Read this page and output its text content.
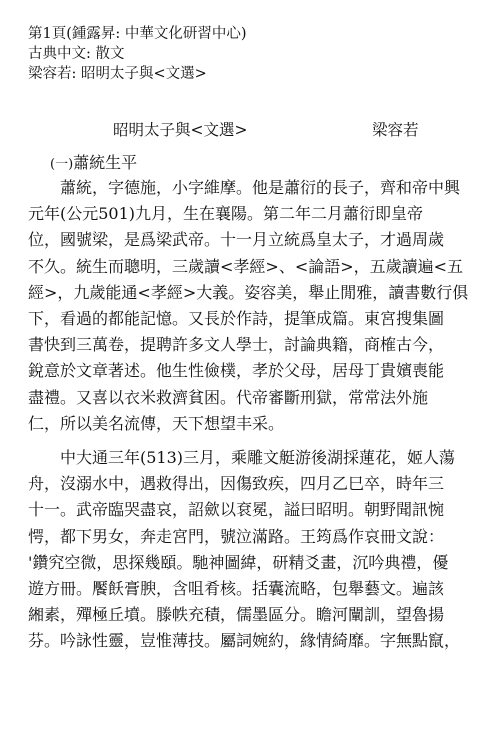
第1頁(鍾露昇: 中華文化研習中心)
古典中文: 散文
梁容若: 昭明太子與<文選>
昭明太子與<文選>	梁容若
(一)蕭統生平
蕭統，字德施，小字維摩。他是蕭衍的長子，齊和帝中興
元年(公元501)九月，生在襄陽。第二年二月蕭衍即皇帝
位，國號梁，是爲梁武帝。十一月立統爲皇太子，才過周歲
不久。統生而聰明，三歲讀<孝經>、<論語>，五歲讀遍<五
經>，九歲能通<孝經>大義。姿容美，舉止閒雅，讀書數行俱
下，看過的都能記憶。又長於作詩，提筆成篇。東宮搜集圖
書快到三萬卷，提聘許多文人學士，討論典籍，商榷古今，
銳意於文章著述。他生性儉樸，孝於父母，居母丁貴嬪喪能
盡禮。又喜以衣米救濟貧困。代帝審斷刑獄，常常法外施
仁，所以美名流傳，天下想望丰采。
中大通三年(513)三月，乘雕文艇游後湖採蓮花，姬人蕩
舟，沒溺水中，遇救得出，因傷致疾，四月乙巳卒，時年三
十一。武帝臨哭盡哀，詔歛以袞冕，謚曰昭明。朝野聞訊惋
愕，都下男女，奔走宮門，號泣滿路。王筠爲作哀冊文說：
'鑽究空微，思探幾頤。馳神圖緯，研精爻畫，沉吟典禮，優
遊方冊。饜飫膏腴，含咀肴核。括囊流略，包舉藝文。遍該
緗素，殫極丘墳。滕帙充積，儒墨區分。瞻河闡訓，望魯揚
芬。吟詠性靈，豈惟薄技。屬詞婉約，緣情綺靡。字無點竄，
